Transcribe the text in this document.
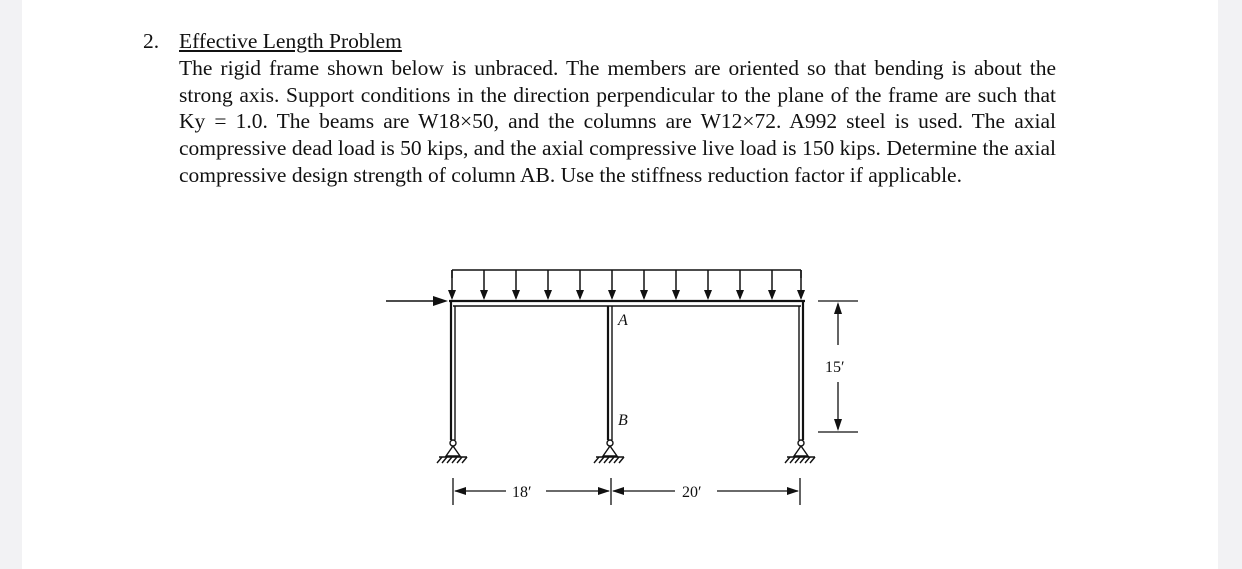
2. Effective Length Problem
The rigid frame shown below is unbraced. The members are oriented so that bending is about the strong axis. Support conditions in the direction perpendicular to the plane of the frame are such that Ky = 1.0. The beams are W18×50, and the columns are W12×72. A992 steel is used. The axial compressive dead load is 50 kips, and the axial compressive live load is 150 kips. Determine the axial compressive design strength of column AB. Use the stiffness reduction factor if applicable.
A
B
15′
18′	20′
